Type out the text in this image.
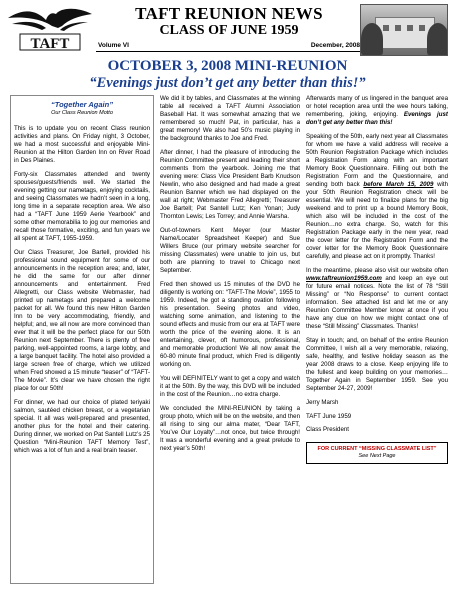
TAFT
TAFT REUNION NEWS
CLASS OF JUNE 1959
Volume VI	December, 2008
OCTOBER 3, 2008 MINI-REUNION
“Evenings just don’t get any better than this!”
“Together Again”
Our Class Reunion Motto

This is to update you on recent Class reunion activities and plans. On Friday night, 3 October, we had a most successful and enjoyable Mini-Reunion at the Hilton Garden Inn on River Road in Des Plaines.

Forty-six Classmates attended and twenty spouses/guests/friends well. We started the evening getting our nametags, enjoying cocktails, and seeing Classmates we hadn’t seen in a long, long time in a separate reception area. We also had a “TAFT June 1959 Aerie Yearbook” and some other memorabilia to jog our memories and recall those formative, exciting, and fun years we all spent at TAFT, 1955-1959.

Our Class Treasurer, Joe Bartell, provided his professional sound equipment for some of our announcements in the reception area; and, later, he did the same for our after dinner announcements and entertainment. Fred Allegretti, our Class website Webmaster, had printed up nametags and prepared a welcome packet for all. We found this new Hilton Garden Inn to be very accommodating, friendly, and helpful; and, we all now are more convinced than ever that it will be the perfect place for our 50th Reunion next September. There is plenty of free parking, well-appointed rooms, a large lobby, and a large banquet facility. The hotel also provided a large screen free of charge, which we utilized when Fred showed a 15 minute “teaser” of “TAFT-The Movie”. It’s clear we have chosen the right place for our 50th!

For dinner, we had our choice of plated teriyaki salmon, sautéed chicken breast, or a vegetarian special. It all was well-prepared and presented, another plus for the hotel and their catering. During dinner, we worked on Pat Santell Lutz’s 25 Question “Mini-Reunion TAFT Memory Test”, which was a lot of fun and a real brain teaser.

We did it by tables, and Classmates at the winning table all received a TAFT Alumni Association Baseball Hat. It was somewhat amazing that we remembered so much! Pat, in particular, has a great memory! We also had 50’s music playing in the background thanks to Joe and Fred.

After dinner, I had the pleasure of introducing the Reunion Committee present and leading their short comments from the yearbook. Joining me that evening were: Class Vice President Barb Knudson Newlin, who also designed and had made a great Reunion Banner which we had displayed on the wall at right; Webmaster Fred Allegretti; Treasurer Joe Bartell; Pat Santell Lutz; Ken Yonan; Judy Thornton Lewis; Les Torrey; and Annie Warsha.

Out-of-towners Kent Meyer (our Master Name/Locater Spreadsheet Keeper) and Sue Willers Bruce (our primary website searcher for missing Classmates) were unable to join us, but both are planning to travel to Chicago next September.

Fred then showed us 15 minutes of the DVD he diligently is working on: “TAFT-The Movie”, 1955 to 1959. Indeed, he got a standing ovation following his presentation. Seeing photos and video, watching some animation, and listening to the sound effects and music from our era at TAFT were worth the price of the evening alone. It is an entertaining, clever, oft humorous, professional, and memorable production! We all now await the 60-80 minute final product, which Fred is diligently working on.

You will DEFINITELY want to get a copy and watch it at the 50th. By the way, this DVD will be included in the cost of the Reunion…no extra charge.

We concluded the MINI-REUNION by taking a group photo, which will be on the website, and then all rising to sing our alma mater, “Dear TAFT, You’ve Our Loyalty”…not once, but twice through! It was a wonderful evening and a great prelude to next year’s 50th!

Afterwards many of us lingered in the banquet area or hotel reception area until the wee hours talking, remembering, joking, enjoying. Evenings just don’t get any better than this!

Speaking of the 50th, early next year all Classmates for whom we have a valid address will receive a 50th Reunion Registration Package which includes a Registration Form along with an important Memory Book Questionnaire. Filling out both the Registration Form and the Questionnaire, and sending both back before March 15, 2009 with your 50th Reunion Registration check will be essential. We will need to finalize plans for the big weekend and to print up a bound Memory Book, which also will be included in the cost of the Reunion…no extra charge. So, watch for this Registration Package early in the new year, read the cover letter for the Registration Form and the cover letter for the Memory Book Questionnaire carefully, and please act on it promptly. Thanks!

In the meantime, please also visit our website often www.taftreunion1959.com and keep an eye out for future email notices. Note the list of 78 “Still Missing” or “No Response” to current contact information. See attached list and let me or any Reunion Committee Member know at once if you have any clue on how we might contact one of these “Still Missing” Classmates. Thanks!

Stay in touch; and, on behalf of the entire Reunion Committee, I wish all a very memorable, relaxing, safe, healthy, and festive holiday season as the year 2008 draws to a close. Keep enjoying life to the fullest and keep building on your memories…Together Again in September 1959. See you September 24-27, 2009!

Jerry Marsh

TAFT June 1959

Class President

FOR CURRENT “MISSING CLASSMATE LIST”
See Next Page
